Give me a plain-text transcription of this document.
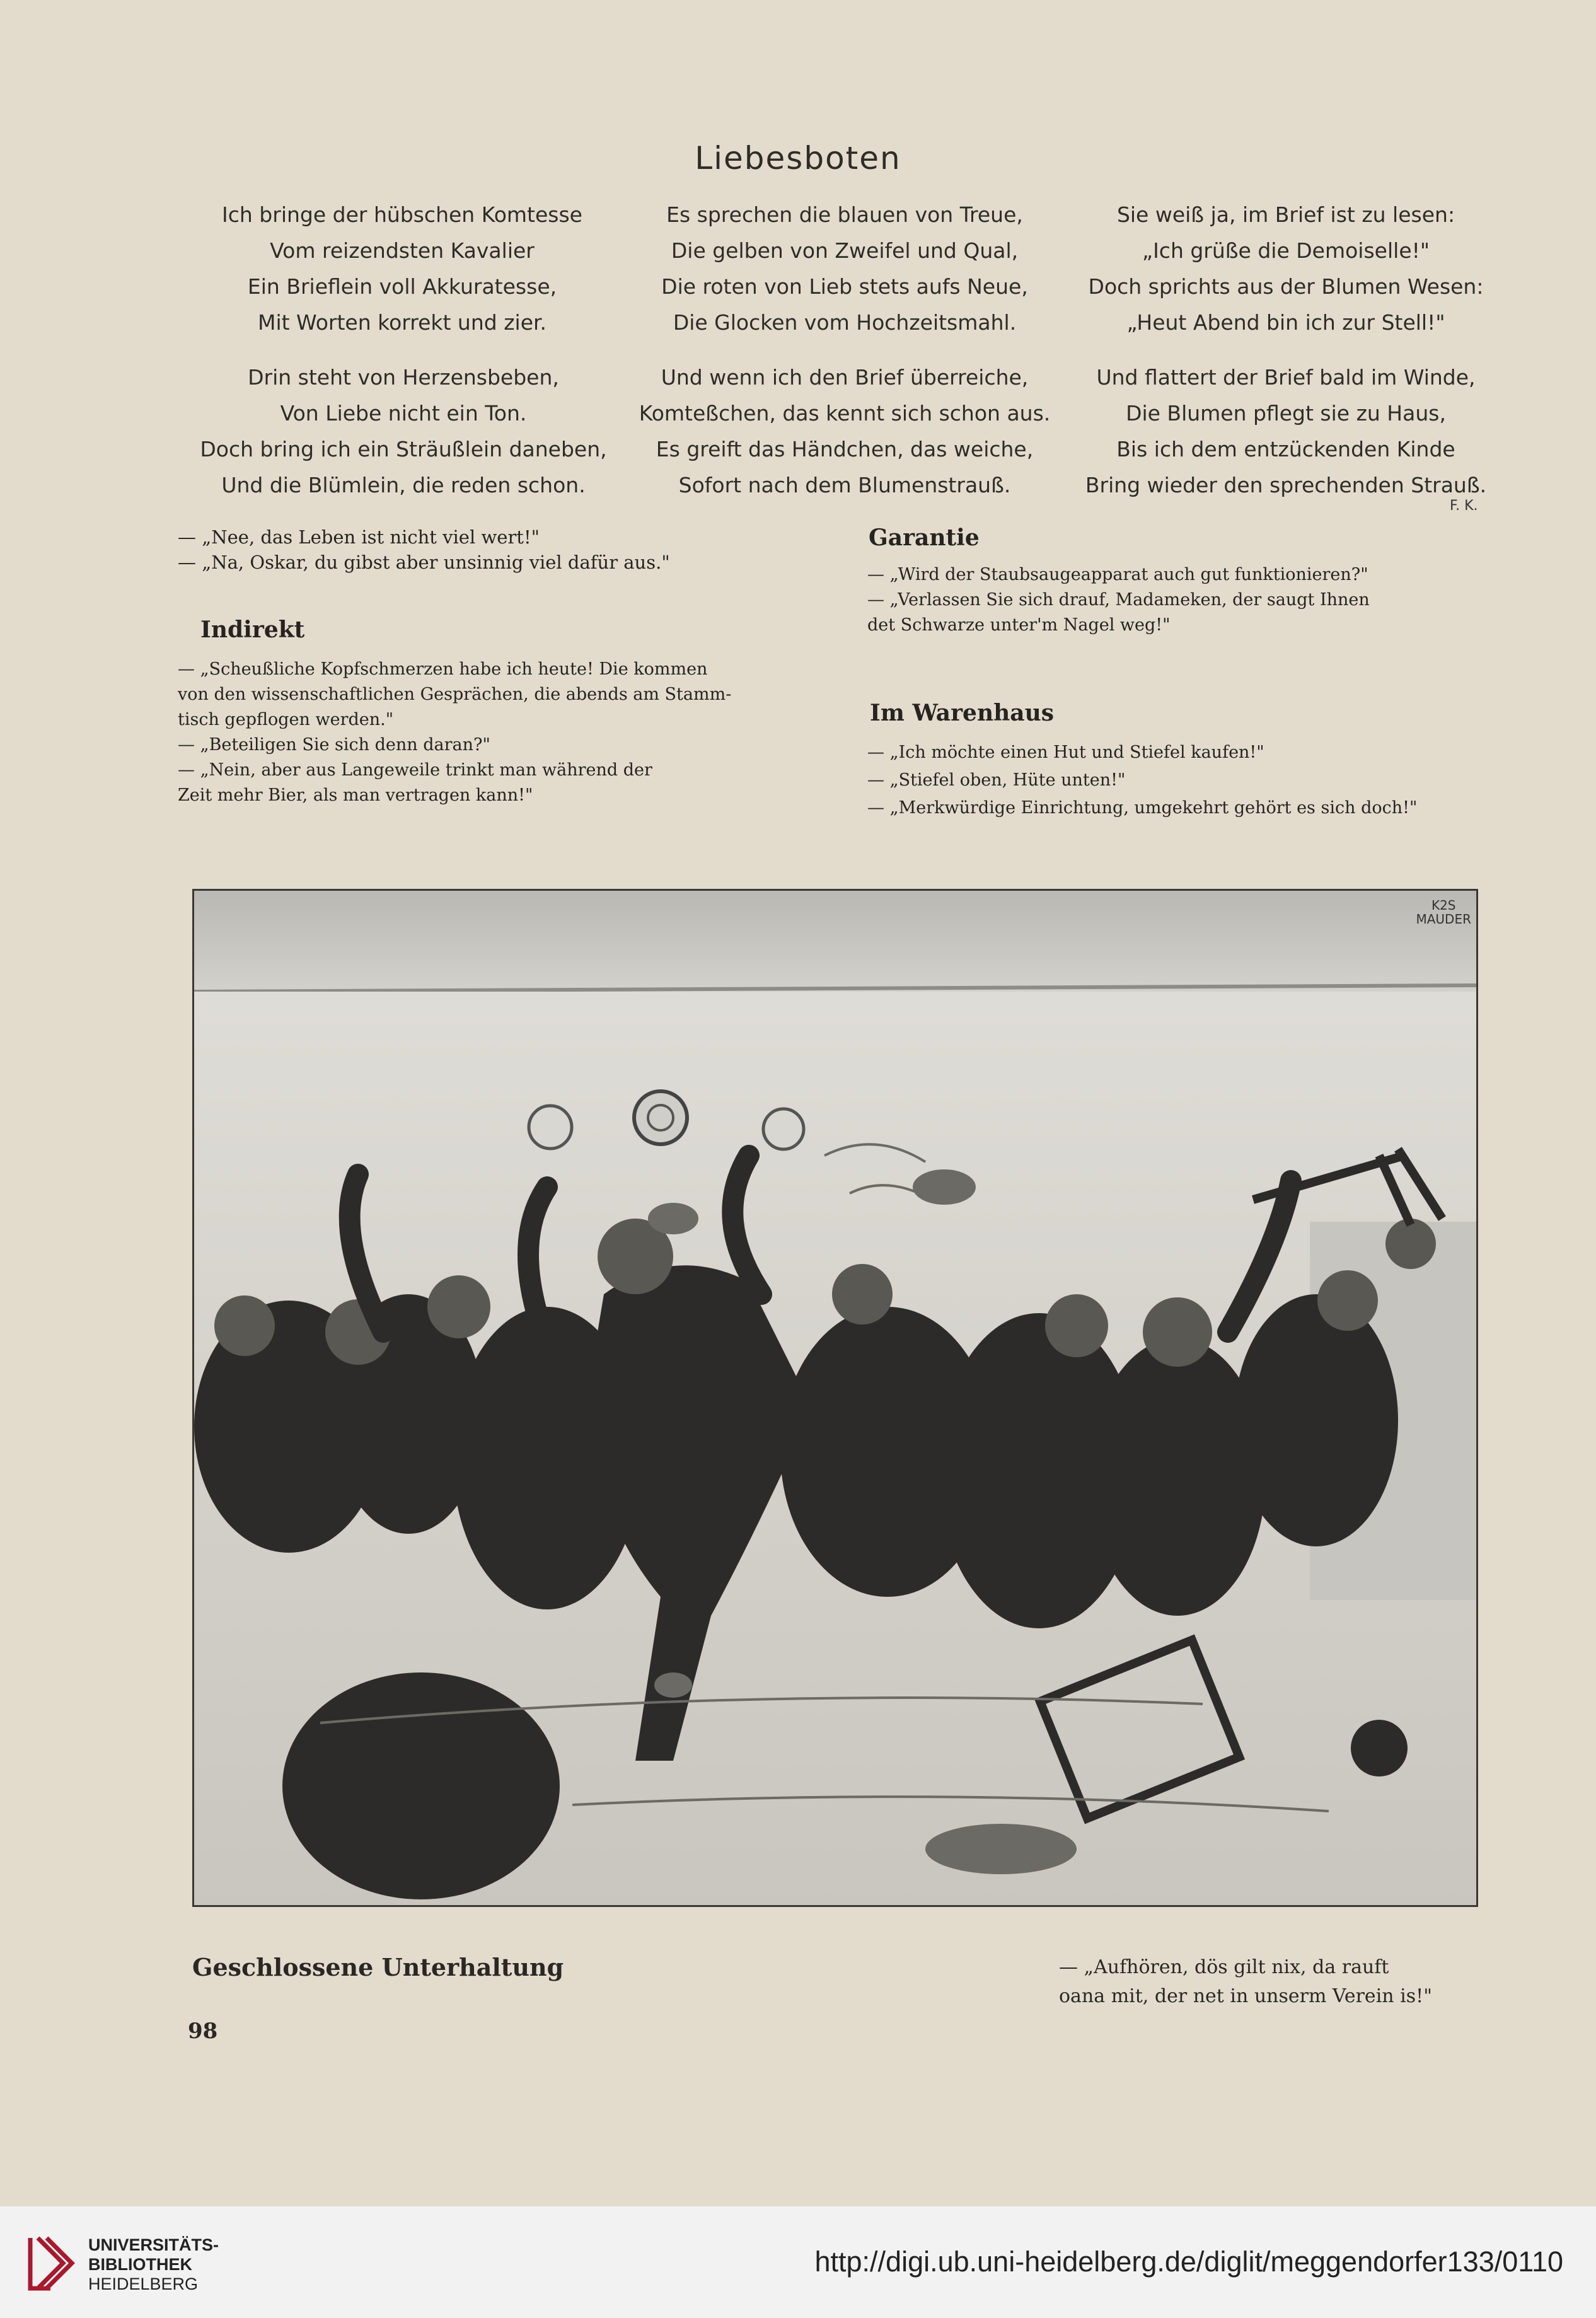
Liebesboten
Ich bringe der hübschen Komtesse
Vom reizendsten Kavalier
Ein Brieflein voll Akkuratesse,
Mit Worten korrekt und zier.
Es sprechen die blauen von Treue,
Die gelben von Zweifel und Qual,
Die roten von Lieb stets aufs Neue,
Die Glocken vom Hochzeitsmahl.
Sie weiß ja, im Brief ist zu lesen:
„Ich grüße die Demoiselle!"
Doch sprichts aus der Blumen Wesen:
„Heut Abend bin ich zur Stell!"
Drin steht von Herzensbeben,
Von Liebe nicht ein Ton.
Doch bring ich ein Sträußlein daneben,
Und die Blümlein, die reden schon.
Und wenn ich den Brief überreiche,
Komteßchen, das kennt sich schon aus.
Es greift das Händchen, das weiche,
Sofort nach dem Blumenstrauß.
Und flattert der Brief bald im Winde,
Die Blumen pflegt sie zu Haus,
Bis ich dem entzückenden Kinde
Bring wieder den sprechenden Strauß.
F. K.
— „Nee, das Leben ist nicht viel wert!"
— „Na, Oskar, du gibst aber unsinnig viel dafür aus."
Indirekt
— „Scheußliche Kopfschmerzen habe ich heute! Die kommen
von den wissenschaftlichen Gesprächen, die abends am Stamm-
tisch gepflogen werden."
— „Beteiligen Sie sich denn daran?"
— „Nein, aber aus Langeweile trinkt man während der
Zeit mehr Bier, als man vertragen kann!"
Garantie
— „Wird der Staubsaugeapparat auch gut funktionieren?"
— „Verlassen Sie sich drauf, Madameken, der saugt Ihnen
det Schwarze unter'm Nagel weg!"
Im Warenhaus
— „Ich möchte einen Hut und Stiefel kaufen!"
— „Stiefel oben, Hüte unten!"
— „Merkwürdige Einrichtung, umgekehrt gehört es sich doch!"
K2S
MAUDER
Geschlossene Unterhaltung	— „Aufhören, dös gilt nix, da rauft
oana mit, der net in unserm Verein is!"
98
UNIVERSITÄTS-
BIBLIOTHEK
HEIDELBERG
http://digi.ub.uni-heidelberg.de/diglit/meggendorfer133/0110
